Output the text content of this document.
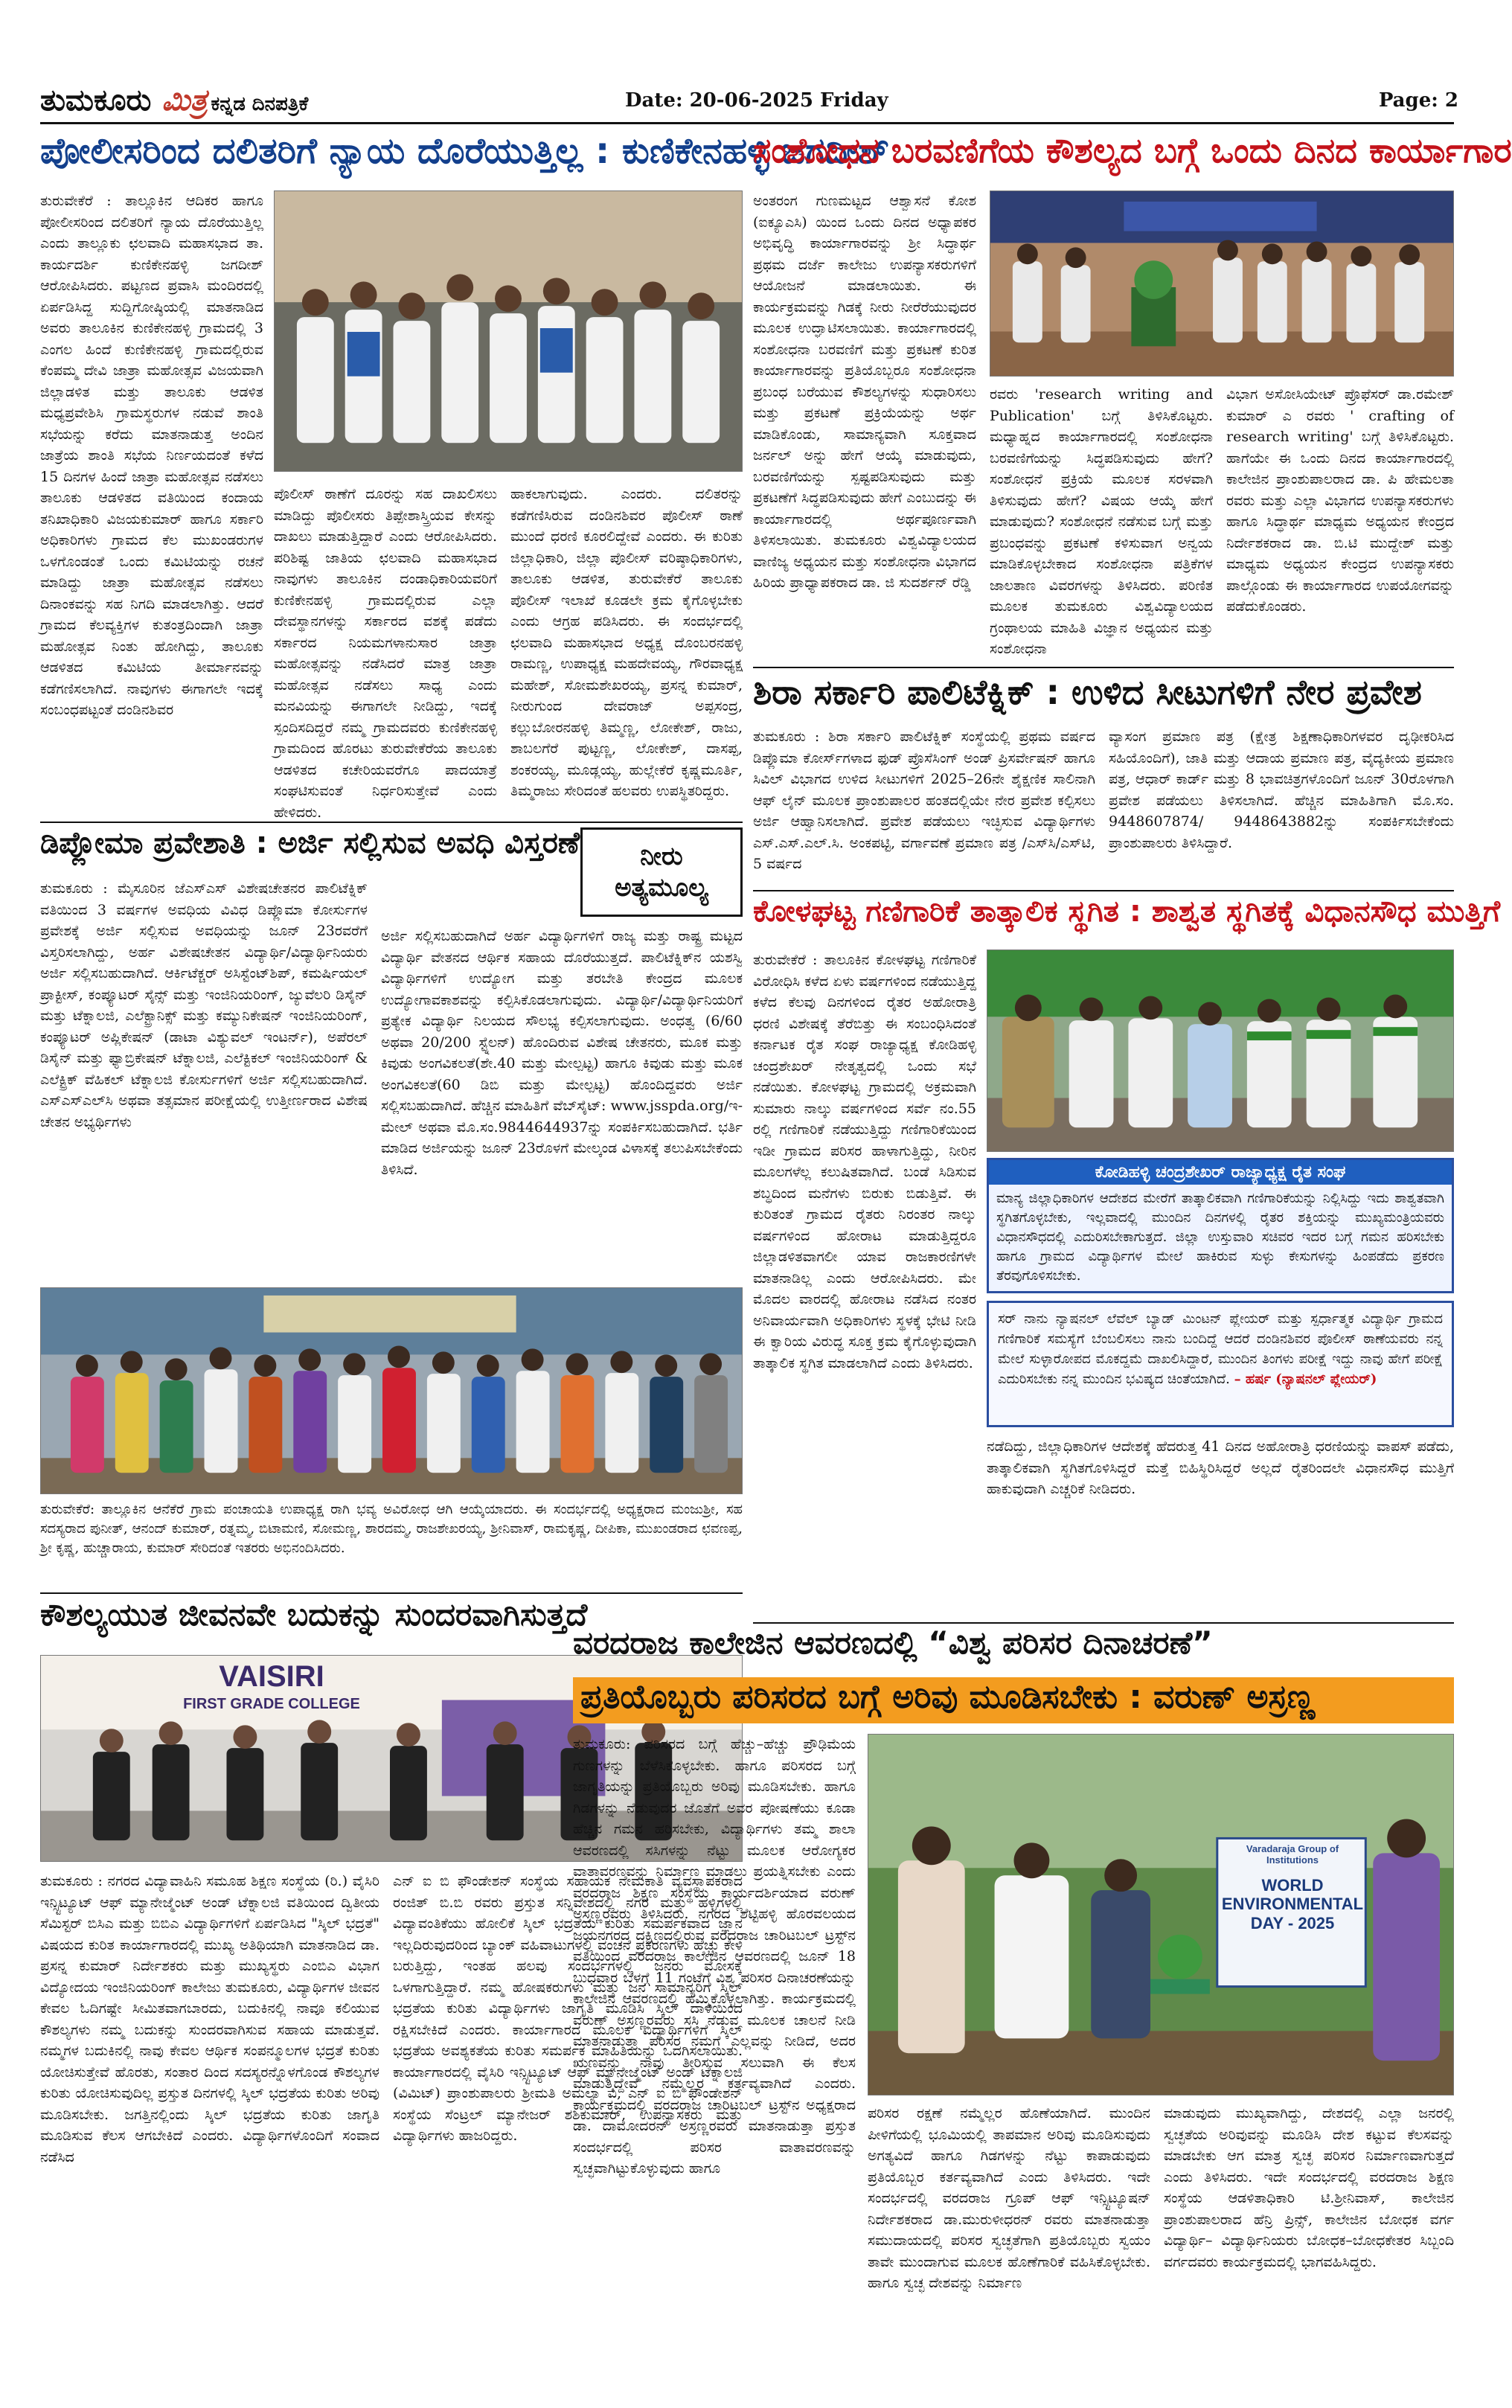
ತುಮಕೂರು ಮಿತ್ರ ಕನ್ನಡ ದಿನಪತ್ರಿಕೆ	Date: 20-06-2025 Friday	Page: 2
ಪೋಲೀಸರಿಂದ ದಲಿತರಿಗೆ ನ್ಯಾಯ ದೊರೆಯುತ್ತಿಲ್ಲ : ಕುಣಿಕೇನಹಳ್ಳಿ ಜಗದೀಶ್
ತುರುವೇಕೆರೆ : ತಾಲ್ಲೂಕಿನ ಆದಿಕರ ಹಾಗೂ ಪೋಲೀಸರಿಂದ ದಲಿತರಿಗೆ ನ್ಯಾಯ ದೊರೆಯುತ್ತಿಲ್ಲ ಎಂದು ತಾಲ್ಲೂಕು ಛಲವಾದಿ ಮಹಾಸಭಾದ ತಾ. ಕಾರ್ಯದರ್ಶಿ ಕುಣಿಕೇನಹಳ್ಳಿ ಜಗದೀಶ್ ಆರೋಪಿಸಿದರು. ಪಟ್ಟಣದ ಪ್ರವಾಸಿ ಮಂದಿರದಲ್ಲಿ ಏರ್ಪಡಿಸಿದ್ದ ಸುದ್ದಿಗೋಷ್ಠಿಯಲ್ಲಿ ಮಾತನಾಡಿದ ಅವರು ತಾಲೂಕಿನ ಕುಣಿಕೇನಹಳ್ಳಿ ಗ್ರಾಮದಲ್ಲಿ 3 ಎಂಗಲ ಹಿಂದೆ ಕುಣಿಕೇನಹಳ್ಳಿ ಗ್ರಾಮದಲ್ಲಿರುವ ಕೆಂಪಮ್ಮ ದೇವಿ ಜಾತ್ರಾ ಮಹೋತ್ಸವ ವಿಜಯವಾಗಿ ಜಿಲ್ಲಾಡಳಿತ ಮತ್ತು ತಾಲೂಕು ಆಡಳಿತ ಮಧ್ಯಪ್ರವೇಶಿಸಿ ಗ್ರಾಮಸ್ಥರುಗಳ ನಡುವೆ ಶಾಂತಿ ಸಭೆಯನ್ನು ಕರೆದು ಮಾತನಾಡುತ್ತ ಅಂದಿನ ಜಾತ್ರೆಯ ಶಾಂತಿ ಸಭೆಯ ನಿರ್ಣಯದಂತೆ ಕಳೆದ 15 ದಿನಗಳ ಹಿಂದೆ ಜಾತ್ರಾ ಮಹೋತ್ಸವ ನಡೆಸಲು ತಾಲೂಕು ಆಡಳಿತದ ವತಿಯಿಂದ ಕಂದಾಯ ತನಿಖಾಧಿಕಾರಿ ವಿಜಯಕುಮಾರ್ ಹಾಗೂ ಸರ್ಕಾರಿ ಅಧಿಕಾರಿಗಳು ಗ್ರಾಮದ ಕೆಲ ಮುಖಂಡರುಗಳ ಒಳಗೊಂಡಂತೆ ಒಂದು ಕಮಿಟಿಯನ್ನು ರಚನೆ ಮಾಡಿದ್ದು ಜಾತ್ರಾ ಮಹೋತ್ಸವ ನಡೆಸಲು ದಿನಾಂಕವನ್ನು ಸಹ ನಿಗದಿ ಮಾಡಲಾಗಿತ್ತು. ಆದರೆ ಗ್ರಾಮದ ಕೆಲವ್ಯಕ್ತಿಗಳ ಕುತಂತ್ರದಿಂದಾಗಿ ಜಾತ್ರಾ ಮಹೋತ್ಸವ ನಿಂತು ಹೋಗಿದ್ದು, ತಾಲೂಕು ಆಡಳಿತದ ಕಮಿಟಿಯ ತೀರ್ಮಾನವನ್ನು ಕಡೆಗಣಿಸಲಾಗಿದೆ. ನಾವುಗಳು ಈಗಾಗಲೇ ಇದಕ್ಕೆ ಸಂಬಂಧಪಟ್ಟಂತೆ ದಂಡಿನಶಿವರ
ಪೊಲೀಸ್ ಠಾಣೆಗೆ ದೂರನ್ನು ಸಹ ದಾಖಲಿಸಲು ಮಾಡಿದ್ದು ಪೊಲೀಸರು ತಿಪ್ಪೇಶಾಸ್ತ್ರಿಯವ ಕೇಸನ್ನು ದಾಖಲು ಮಾಡುತ್ತಿದ್ದಾರೆ ಎಂದು ಆರೋಪಿಸಿದರು. ಪರಿಶಿಷ್ಟ ಜಾತಿಯ ಛಲವಾದಿ ಮಹಾಸಭಾದ ನಾವುಗಳು ತಾಲೂಕಿನ ದಂಡಾಧಿಕಾರಿಯವರಿಗೆ ಕುಣಿಕೇನಹಳ್ಳಿ ಗ್ರಾಮದಲ್ಲಿರುವ ಎಲ್ಲಾ ದೇವಸ್ಥಾನಗಳನ್ನು ಸರ್ಕಾರದ ವಶಕ್ಕೆ ಪಡೆದು ಸರ್ಕಾರದ ನಿಯಮಗಳಾನುಸಾರ ಜಾತ್ರಾ ಮಹೋತ್ಸವನ್ನು ನಡೆಸಿದರೆ ಮಾತ್ರ ಜಾತ್ರಾ ಮಹೋತ್ಸವ ನಡೆಸಲು ಸಾಧ್ಯ ಎಂದು ಮನವಿಯನ್ನು ಈಗಾಗಲೇ ನೀಡಿದ್ದು, ಇದಕ್ಕೆ ಸ್ಪಂದಿಸದಿದ್ದರೆ ನಮ್ಮ ಗ್ರಾಮದವರು ಕುಣಿಕೇನಹಳ್ಳಿ ಗ್ರಾಮದಿಂದ ಹೊರಟು ತುರುವೇಕೆರೆಯ ತಾಲೂಕು ಆಡಳಿತದ ಕಚೇರಿಯವರೆಗೂ ಪಾದಯಾತ್ರೆ ಸಂಘಟಿಸುವಂತೆ ನಿರ್ಧರಿಸುತ್ತೇವೆ ಎಂದು ಹೇಳಿದರು.
ಹಾಕಲಾಗುವುದು. ಎಂದರು. ದಲಿತರನ್ನು ಕಡೆಗಣಿಸಿರುವ ದಂಡಿನಶಿವರ ಪೊಲೀಸ್ ಠಾಣೆ ಮುಂದೆ ಧರಣಿ ಕೂರಲಿದ್ದೇವೆ ಎಂದರು. ಈ ಕುರಿತು ಜಿಲ್ಲಾಧಿಕಾರಿ, ಜಿಲ್ಲಾ ಪೊಲೀಸ್ ವರಿಷ್ಠಾಧಿಕಾರಿಗಳು, ತಾಲೂಕು ಆಡಳಿತ, ತುರುವೇಕೆರೆ ತಾಲೂಕು ಪೊಲೀಸ್ ಇಲಾಖೆ ಕೂಡಲೇ ಕ್ರಮ ಕೈಗೊಳ್ಳಬೇಕು ಎಂದು ಆಗ್ರಹ ಪಡಿಸಿದರು. ಈ ಸಂದರ್ಭದಲ್ಲಿ ಛಲವಾದಿ ಮಹಾಸಭಾದ ಅಧ್ಯಕ್ಷ ದೊಂಬರನಹಳ್ಳಿ ರಾಮಣ್ಣ, ಉಪಾಧ್ಯಕ್ಷ ಮಹದೇವಯ್ಯ, ಗೌರವಾಧ್ಯಕ್ಷ ಮಹೇಶ್, ಸೋಮಶೇಖರಯ್ಯ, ಪ್ರಸನ್ನ ಕುಮಾರ್, ನೀರುಗುಂದ ದೇವರಾಜ್ ಅಪ್ಪಸಂದ್ರ, ಕಲ್ಲುಬೋರನಹಳ್ಳಿ ತಿಮ್ಮಣ್ಣ, ಲೋಕೇಶ್, ರಾಜು, ಶಾಬಲಗೆರೆ ಪುಟ್ಟಣ್ಣ, ಲೋಕೇಶ್, ದಾಸಪ್ಪ, ಶಂಕರಯ್ಯ, ಮೂಡ್ಲಯ್ಯ, ಹುಲ್ಲೇಕೆರೆ ಕೃಷ್ಣಮೂರ್ತಿ, ತಿಮ್ಮರಾಜು ಸೇರಿದಂತೆ ಹಲವರು ಉಪಸ್ಥಿತರಿದ್ದರು.
ಸಂಶೋಧನ ಬರವಣಿಗೆಯ ಕೌಶಲ್ಯದ ಬಗ್ಗೆ ಒಂದು ದಿನದ ಕಾರ್ಯಾಗಾರ
ಅಂತರಂಗ ಗುಣಮಟ್ಟದ ಆಶ್ವಾಸನೆ ಕೋಶ (ಐಕ್ಯೂಎಸಿ) ಯಿಂದ ಒಂದು ದಿನದ ಅಧ್ಯಾಪಕರ ಅಭಿವೃದ್ಧಿ ಕಾರ್ಯಾಗಾರವನ್ನು ಶ್ರೀ ಸಿದ್ಧಾರ್ಥ ಪ್ರಥಮ ದರ್ಜೆ ಕಾಲೇಜು ಉಪನ್ಯಾಸಕರುಗಳಿಗೆ ಆಯೋಜನೆ ಮಾಡಲಾಯಿತು. ಈ ಕಾರ್ಯಕ್ರಮವನ್ನು ಗಿಡಕ್ಕೆ ನೀರು ನೀರೆರೆಯುವುದರ ಮೂಲಕ ಉದ್ಘಾಟಿಸಲಾಯಿತು. ಕಾರ್ಯಾಗಾರದಲ್ಲಿ ಸಂಶೋಧನಾ ಬರವಣಿಗೆ ಮತ್ತು ಪ್ರಕಟಣೆ ಕುರಿತ ಕಾರ್ಯಾಗಾರವನ್ನು ಪ್ರತಿಯೊಬ್ಬರೂ ಸಂಶೋಧನಾ ಪ್ರಬಂಧ ಬರೆಯುವ ಕೌಶಲ್ಯಗಳನ್ನು ಸುಧಾರಿಸಲು ಮತ್ತು ಪ್ರಕಟಣೆ ಪ್ರಕ್ರಿಯೆಯನ್ನು ಅರ್ಥ ಮಾಡಿಕೊಂಡು, ಸಾಮಾನ್ಯವಾಗಿ ಸೂಕ್ತವಾದ ಜರ್ನಲ್ ಅನ್ನು ಹೇಗೆ ಆಯ್ಕೆ ಮಾಡುವುದು, ಬರವಣಿಗೆಯನ್ನು ಸ್ಪಷ್ಟಪಡಿಸುವುದು ಮತ್ತು ಪ್ರಕಟಣೆಗೆ ಸಿದ್ಧಪಡಿಸುವುದು ಹೇಗೆ ಎಂಬುದನ್ನು ಈ ಕಾರ್ಯಾಗಾರದಲ್ಲಿ ಅರ್ಥಪೂರ್ಣವಾಗಿ ತಿಳಿಸಲಾಯಿತು. ತುಮಕೂರು ವಿಶ್ವವಿದ್ಯಾಲಯದ ವಾಣಿಜ್ಯ ಅಧ್ಯಯನ ಮತ್ತು ಸಂಶೋಧನಾ ವಿಭಾಗದ ಹಿರಿಯ ಪ್ರಾಧ್ಯಾಪಕರಾದ ಡಾ. ಜಿ ಸುದರ್ಶನ್ ರೆಡ್ಡಿ
ರವರು 'research writing and Publication' ಬಗ್ಗೆ ತಿಳಿಸಿಕೊಟ್ಟರು. ಮಧ್ಯಾಹ್ನದ ಕಾರ್ಯಾಗಾರದಲ್ಲಿ ಸಂಶೋಧನಾ ಬರವಣಿಗೆಯನ್ನು ಸಿದ್ಧಪಡಿಸುವುದು ಹೇಗೆ? ಸಂಶೋಧನೆ ಪ್ರಕ್ರಿಯೆ ಮೂಲಕ ಸರಳವಾಗಿ ತಿಳಿಸುವುದು ಹೇಗೆ? ವಿಷಯ ಆಯ್ಕೆ ಹೇಗೆ ಮಾಡುವುದು? ಸಂಶೋಧನೆ ನಡೆಸುವ ಬಗ್ಗೆ ಮತ್ತು ಪ್ರಬಂಧವನ್ನು ಪ್ರಕಟಣೆ ಕಳಿಸುವಾಗ ಅನ್ವಯ ಮಾಡಿಕೊಳ್ಳಬೇಕಾದ ಸಂಶೋಧನಾ ಪತ್ರಿಕೆಗಳ ಜಾಲತಾಣ ವಿವರಗಳನ್ನು ತಿಳಿಸಿದರು. ಪರಿಣಿತ ಮೂಲಕ ತುಮಕೂರು ವಿಶ್ವವಿದ್ಯಾಲಯದ ಗ್ರಂಥಾಲಯ ಮಾಹಿತಿ ವಿಜ್ಞಾನ ಅಧ್ಯಯನ ಮತ್ತು ಸಂಶೋಧನಾ
ವಿಭಾಗ ಅಸೋಸಿಯೇಟ್ ಪ್ರೊಫೆಸರ್ ಡಾ.ರಮೇಶ್ ಕುಮಾರ್ ಎ ರವರು ' crafting of research writing' ಬಗ್ಗೆ ತಿಳಿಸಿಕೊಟ್ಟರು. ಹಾಗೆಯೇ ಈ ಒಂದು ದಿನದ ಕಾರ್ಯಾಗಾರದಲ್ಲಿ ಕಾಲೇಜಿನ ಪ್ರಾಂಶುಪಾಲರಾದ ಡಾ. ಪಿ ಹೇಮಲತಾ ರವರು ಮತ್ತು ಎಲ್ಲಾ ವಿಭಾಗದ ಉಪನ್ಯಾಸಕರುಗಳು ಹಾಗೂ ಸಿದ್ಧಾರ್ಥ ಮಾಧ್ಯಮ ಅಧ್ಯಯನ ಕೇಂದ್ರದ ನಿರ್ದೇಶಕರಾದ ಡಾ. ಬಿ.ಟಿ ಮುದ್ದೇಶ್ ಮತ್ತು ಮಾಧ್ಯಮ ಅಧ್ಯಯನ ಕೇಂದ್ರದ ಉಪನ್ಯಾಸಕರು ಪಾಲ್ಗೊಂಡು ಈ ಕಾರ್ಯಾಗಾರದ ಉಪಯೋಗವನ್ನು ಪಡೆದುಕೊಂಡರು.
ಶಿರಾ ಸರ್ಕಾರಿ ಪಾಲಿಟೆಕ್ನಿಕ್ : ಉಳಿದ ಸೀಟುಗಳಿಗೆ ನೇರ ಪ್ರವೇಶ
ತುಮಕೂರು : ಶಿರಾ ಸರ್ಕಾರಿ ಪಾಲಿಟೆಕ್ನಿಕ್ ಸಂಸ್ಥೆಯಲ್ಲಿ ಪ್ರಥಮ ವರ್ಷದ ಡಿಪ್ಲೊಮಾ ಕೋರ್ಸ್‌ಗಳಾದ ಫುಡ್ ಪ್ರೊಸೆಸಿಂಗ್ ಅಂಡ್ ಪ್ರಿಸರ್ವೇಷನ್ ಹಾಗೂ ಸಿವಿಲ್ ವಿಭಾಗದ ಉಳಿದ ಸೀಟುಗಳಿಗೆ 2025–26ನೇ ಶೈಕ್ಷಣಿಕ ಸಾಲಿನಾಗಿ ಆಫ್ ಲೈನ್ ಮೂಲಕ ಪ್ರಾಂಶುಪಾಲರ ಹಂತದಲ್ಲಿಯೇ ನೇರ ಪ್ರವೇಶ ಕಲ್ಪಿಸಲು ಅರ್ಜಿ ಆಹ್ವಾನಿಸಲಾಗಿದೆ. ಪ್ರವೇಶ ಪಡೆಯಲು ಇಚ್ಛಿಸುವ ವಿದ್ಯಾರ್ಥಿಗಳು ಎಸ್.ಎಸ್.ಎಲ್.ಸಿ. ಅಂಕಪಟ್ಟಿ, ವರ್ಗಾವಣೆ ಪ್ರಮಾಣ ಪತ್ರ /ಎಸ್‌ಸಿ/ಎಸ್‌ಟಿ, 5 ವರ್ಷದ
ವ್ಯಾಸಂಗ ಪ್ರಮಾಣ ಪತ್ರ (ಕ್ಷೇತ್ರ ಶಿಕ್ಷಣಾಧಿಕಾರಿಗಳವರ ದೃಢೀಕರಿಸಿದ ಸಹಿಯೊಂದಿಗೆ), ಜಾತಿ ಮತ್ತು ಆದಾಯ ಪ್ರಮಾಣ ಪತ್ರ, ವೈದ್ಯಕೀಯ ಪ್ರಮಾಣ ಪತ್ರ, ಆಧಾರ್ ಕಾರ್ಡ್ ಮತ್ತು 8 ಭಾವಚಿತ್ರಗಳೊಂದಿಗೆ ಜೂನ್ 30ರೊಳಗಾಗಿ ಪ್ರವೇಶ ಪಡೆಯಲು ತಿಳಿಸಲಾಗಿದೆ. ಹೆಚ್ಚಿನ ಮಾಹಿತಿಗಾಗಿ ಮೊ.ಸಂ. 9448607874/ 9448643882ನ್ನು ಸಂಪರ್ಕಿಸಬೇಕೆಂದು ಪ್ರಾಂಶುಪಾಲರು ತಿಳಿಸಿದ್ದಾರೆ.
ಡಿಪ್ಲೋಮಾ ಪ್ರವೇಶಾತಿ : ಅರ್ಜಿ ಸಲ್ಲಿಸುವ ಅವಧಿ ವಿಸ್ತರಣೆ ನೀರು
ಅತ್ಯಮೂಲ್ಯ
ತುಮಕೂರು : ಮೈಸೂರಿನ ಜೆಎಸ್‌ಎಸ್ ವಿಶೇಷಚೇತನರ ಪಾಲಿಟೆಕ್ನಿಕ್ ವತಿಯಿಂದ 3 ವರ್ಷಗಳ ಅವಧಿಯ ವಿವಿಧ ಡಿಪ್ಲೊಮಾ ಕೋರ್ಸುಗಳ ಪ್ರವೇಶಕ್ಕೆ ಅರ್ಜಿ ಸಲ್ಲಿಸುವ ಅವಧಿಯನ್ನು ಜೂನ್ 23ರವರೆಗೆ ವಿಸ್ತರಿಸಲಾಗಿದ್ದು, ಅರ್ಹ ವಿಶೇಷಚೇತನ ವಿದ್ಯಾರ್ಥಿ/ವಿದ್ಯಾರ್ಥಿನಿಯರು ಅರ್ಜಿ ಸಲ್ಲಿಸಬಹುದಾಗಿದೆ. ಆರ್ಕಿಟೆಕ್ಚರ್ ಅಸಿಸ್ಟೆಂಟ್‌ಶಿಪ್, ಕಮರ್ಷಿಯಲ್ ಪ್ರಾಕ್ಟೀಸ್, ಕಂಪ್ಯೂಟರ್ ಸೈನ್ಸ್ ಮತ್ತು ಇಂಜಿನಿಯರಿಂಗ್, ಜ್ಯುವೆಲರಿ ಡಿಸೈನ್ ಮತ್ತು ಟೆಕ್ನಾಲಜಿ, ಎಲೆಕ್ಟ್ರಾನಿಕ್ಸ್ ಮತ್ತು ಕಮ್ಯುನಿಕೇಷನ್ ಇಂಜಿನಿಯರಿಂಗ್, ಕಂಪ್ಯೂಟರ್ ಅಪ್ಲಿಕೇಷನ್ (ಡಾಟಾ ವಿಶ್ಯುವಲ್ ಇಂಟರ್ನ್), ಅಪೆರಲ್ ಡಿಸೈನ್ ಮತ್ತು ಫ್ಯಾಬ್ರಿಕೇಷನ್ ಟೆಕ್ನಾಲಜಿ, ಎಲೆಕ್ಟಿಕಲ್ ಇಂಜಿನಿಯರಿಂಗ್ & ಎಲೆಕ್ಟ್ರಿಕ್ ವೆಹಿಕಲ್ ಟೆಕ್ನಾಲಜಿ ಕೋರ್ಸುಗಳಿಗೆ ಅರ್ಜಿ ಸಲ್ಲಿಸಬಹುದಾಗಿದೆ. ಎಸ್‌ಎಸ್‌ಎಲ್‌ಸಿ ಅಥವಾ ತತ್ಸಮಾನ ಪರೀಕ್ಷೆಯಲ್ಲಿ ಉತ್ತೀರ್ಣರಾದ ವಿಶೇಷ ಚೇತನ ಅಭ್ಯರ್ಥಿಗಳು
ಅರ್ಜಿ ಸಲ್ಲಿಸಬಹುದಾಗಿದೆ ಅರ್ಹ ವಿದ್ಯಾರ್ಥಿಗಳಿಗೆ ರಾಜ್ಯ ಮತ್ತು ರಾಷ್ಟ್ರ ಮಟ್ಟದ ವಿದ್ಯಾರ್ಥಿ ವೇತನದ ಆರ್ಥಿಕ ಸಹಾಯ ದೊರೆಯುತ್ತದೆ. ಪಾಲಿಟೆಕ್ನಿಕ್‌ನ ಯಶಸ್ವಿ ವಿದ್ಯಾರ್ಥಿಗಳಿಗೆ ಉದ್ಯೋಗ ಮತ್ತು ತರಬೇತಿ ಕೇಂದ್ರದ ಮೂಲಕ ಉದ್ಯೋಗಾವಕಾಶವನ್ನು ಕಲ್ಪಿಸಿಕೊಡಲಾಗುವುದು. ವಿದ್ಯಾರ್ಥಿ/ವಿದ್ಯಾರ್ಥಿನಿಯರಿಗೆ ಪ್ರತ್ಯೇಕ ವಿದ್ಯಾರ್ಥಿ ನಿಲಯದ ಸೌಲಭ್ಯ ಕಲ್ಪಿಸಲಾಗುವುದು. ಅಂಧತ್ವ (6/60 ಅಥವಾ 20/200 ಸ್ಟ್ನೆಲನ್) ಹೊಂದಿರುವ ವಿಶೇಷ ಚೇತನರು, ಮೂಕ ಮತ್ತು ಕಿವುಡು ಅಂಗವಿಕಲತೆ(ಶೇ.40 ಮತ್ತು ಮೇಲ್ಪಟ್ಟ) ಹಾಗೂ ಕಿವುಡು ಮತ್ತು ಮೂಕ ಅಂಗವಿಕಲತೆ(60 ಡಿಬಿ ಮತ್ತು ಮೇಲ್ಪಟ್ಟ) ಹೊಂದಿದ್ದವರು ಅರ್ಜಿ ಸಲ್ಲಿಸಬಹುದಾಗಿದೆ. ಹೆಚ್ಚಿನ ಮಾಹಿತಿಗೆ ವೆಬ್‌ಸೈಟ್: www.jsspda.org/ಇ-ಮೇಲ್ ಅಥವಾ ಮೊ.ಸಂ.9844644937ನ್ನು ಸಂಪರ್ಕಿಸಬಹುದಾಗಿದೆ. ಭರ್ತಿ ಮಾಡಿದ ಅರ್ಜಿಯನ್ನು ಜೂನ್ 23ರೊಳಗೆ ಮೇಲ್ಕಂಡ ವಿಳಾಸಕ್ಕೆ ತಲುಪಿಸಬೇಕೆಂದು ತಿಳಿಸಿದೆ.
ತುರುವೇಕೆರೆ: ತಾಲ್ಲೂಕಿನ ಆನೆಕೆರೆ ಗ್ರಾಮ ಪಂಚಾಯತಿ ಉಪಾಧ್ಯಕ್ಷ ರಾಗಿ ಭವ್ಯ ಅವಿರೋಧ ಆಗಿ ಆಯ್ಕೆಯಾದರು. ಈ ಸಂದರ್ಭದಲ್ಲಿ ಅಧ್ಯಕ್ಷರಾದ ಮಂಜುಶ್ರೀ, ಸಹ ಸದಸ್ಯರಾದ ಪುನೀತ್, ಆನಂದ್ ಕುಮಾರ್, ರತ್ನಮ್ಮ, ಬಿಟಾಮಣಿ, ಸೋಮಣ್ಣ, ಶಾರದಮ್ಮ, ರಾಜಶೇಖರಯ್ಯ, ಶ್ರೀನಿವಾಸ್, ರಾಮಕೃಷ್ಣ, ದೀಪಿಕಾ, ಮುಖಂಡರಾದ ಛವಣಪ್ಪ, ಶ್ರೀ ಕೃಷ್ಣ, ಹುಚ್ಚಾರಾಯ, ಕುಮಾರ್ ಸೇರಿದಂತೆ ಇತರರು ಅಭಿನಂದಿಸಿದರು.
ಕೌಶಲ್ಯಯುತ ಜೀವನವೇ ಬದುಕನ್ನು ಸುಂದರವಾಗಿಸುತ್ತದೆ
VAISIRI
FIRST GRADE COLLEGE
ತುಮಕೂರು : ನಗರದ ವಿದ್ಯಾವಾಹಿನಿ ಸಮೂಹ ಶಿಕ್ಷಣ ಸಂಸ್ಥೆಯ (ರಿ.) ವೈಸಿರಿ ಇನ್ಸ್ಟಿಟ್ಯೂಟ್ ಆಫ್ ಮ್ಯಾನೇಜ್ಮೆಂಟ್ ಅಂಡ್ ಟೆಕ್ನಾಲಜಿ ವತಿಯಿಂದ ದ್ವಿತೀಯ ಸೆಮಿಸ್ಟರ್ ಬಿಸಿಎ ಮತ್ತು ಬಿಬಿಎ ವಿದ್ಯಾರ್ಥಿಗಳಿಗೆ ಏರ್ಪಡಿಸಿದ "ಸ್ಕಿಲ್ ಭದ್ರತೆ" ವಿಷಯದ ಕುರಿತ ಕಾರ್ಯಾಗಾರದಲ್ಲಿ ಮುಖ್ಯ ಅತಿಥಿಯಾಗಿ ಮಾತನಾಡಿದ ಡಾ. ಪ್ರಸನ್ನ ಕುಮಾರ್ ನಿರ್ದೇಶಕರು ಮತ್ತು ಮುಖ್ಯಸ್ಥರು ಎಂಬಿಎ ವಿಭಾಗ ವಿದ್ಯೋದಯ ಇಂಜಿನಿಯರಿಂಗ್ ಕಾಲೇಜು ತುಮಕೂರು, ವಿದ್ಯಾರ್ಥಿಗಳ ಜೀವನ ಕೇವಲ ಓದಿಗಷ್ಟೇ ಸೀಮಿತವಾಗಬಾರದು, ಬದುಕಿನಲ್ಲಿ ನಾವೂ ಕಲಿಯುವ ಕೌಶಲ್ಯಗಳು ನಮ್ಮ ಬದುಕನ್ನು ಸುಂದರವಾಗಿಸುವ ಸಹಾಯ ಮಾಡುತ್ತವೆ. ನಮ್ಮಗಳ ಬದುಕಿನಲ್ಲಿ ನಾವು ಕೇವಲ ಆರ್ಥಿಕ ಸಂಪನ್ಮೂಲಗಳ ಭದ್ರತೆ ಕುರಿತು ಯೋಚಿಸುತ್ತೇವೆ ಹೊರತು, ಸಂತಾರ ದಿಂದ ಸದಸ್ಯರನ್ನೊಳಗೊಂಡ ಕೌಶಲ್ಯಗಳ ಕುರಿತು ಯೋಚಿಸುವುದಿಲ್ಲ ಪ್ರಸ್ತುತ ದಿನಗಳಲ್ಲಿ ಸ್ಕಿಲ್ ಭದ್ರತೆಯ ಕುರಿತು ಅರಿವು ಮೂಡಿಸಬೇಕು. ಜಗತ್ತಿನಲ್ಲಿಂದು ಸ್ಕಿಲ್ ಭದ್ರತೆಯ ಕುರಿತು ಜಾಗೃತಿ ಮೂಡಿಸುವ ಕೆಲಸ ಆಗಬೇಕಿದೆ ಎಂದರು. ವಿದ್ಯಾರ್ಥಿಗಳೊಂದಿಗೆ ಸಂವಾದ ನಡೆಸಿದ
ಎನ್ ಐ ಬಿ ಫೌಂಡೇಶನ್ ಸಂಸ್ಥೆಯ ಸಹಾಯಕ ನೇಮಕಾತಿ ವ್ಯವಸ್ಥಾಪಕರಾದ ರಂಜಿತ್ ಬಿ.ಬಿ ರವರು ಪ್ರಸ್ತುತ ಸನ್ನಿವೇಶದಲ್ಲಿ ನಗರ ಮತ್ತು ಹಳ್ಳಿಗಳಲ್ಲಿ ವಿದ್ಯಾವಂತಿಕೆಯು ಹೋಲಿಕೆ ಸ್ಕಿಲ್ ಭದ್ರತೆಯ ಕುರಿತು ಸಮರ್ಪಕವಾದ ಜ್ಞಾನ ಇಲ್ಲದಿರುವುದರಿಂದ ಬ್ಯಾಂಕ್ ವಹಿವಾಟುಗಳಲ್ಲಿ ವಂಚನೆ ಪ್ರಕರಣಗಳು ಹೆಚ್ಚು ಕೇಳಿ ಬರುತ್ತಿದ್ದು, ಇಂತಹ ಹಲವು ಸಂದರ್ಭಗಳಲ್ಲಿ ಜನರು ಮೋಸಕ್ಕೆ ಒಳಗಾಗುತ್ತಿದ್ದಾರೆ. ನಮ್ಮ ಹೋಷಕರುಗಳು ಮತ್ತು ಜನ ಸಾಮಾನ್ಯರಿಗೆ ಸ್ಕಿಲ್ ಭದ್ರತೆಯ ಕುರಿತು ವಿದ್ಯಾರ್ಥಿಗಳು ಜಾಗೃತಿ ಮೂಡಿಸಿ ಸ್ಕಿಲ್ ದಾಳಿಯಿಂದ ರಕ್ಷಿಸಬೇಕಿದೆ ಎಂದರು. ಕಾರ್ಯಾಗಾರದ ಮೂಲಕ ವಿದ್ಯಾರ್ಥಿಗಳಿಗೆ ಸ್ಕಿಲ್ ಭದ್ರತೆಯ ಅವಶ್ಯಕತೆಯ ಕುರಿತು ಸಮರ್ಪಕ ಮಾಹಿತಿಯನ್ನು ಒದಗಿಸಲಾಯಿತು. ಕಾರ್ಯಾಗಾರದಲ್ಲಿ ವೈಸಿರಿ ಇನ್ಸ್ಟಿಟ್ಯೂಟ್ ಆಫ್ ಮ್ಯಾನೇಜ್ಮೆಂಟ್ ಅಂಡ್ ಟೆಕ್ನಾಲಜಿ (ವಿಮಿಟ್) ಪ್ರಾಂಶುಪಾಲರು ಶ್ರೀಮತಿ ಅಮಲ್ಯಾ ವಿ, ಎನ್ ಐ ಬಿ ಫೌಂಡೇಶನ್ ಸಂಸ್ಥೆಯ ಸೆಂಟ್ರಲ್ ಮ್ಯಾನೇಜರ್ ಶಶಿಕುಮಾರ್, ಉಪನ್ಯಾಸಕರು ಮತ್ತು ವಿದ್ಯಾರ್ಥಿಗಳು ಹಾಜರಿದ್ದರು.
ಕೋಳಘಟ್ಟ ಗಣಿಗಾರಿಕೆ ತಾತ್ಕಾಲಿಕ ಸ್ಥಗಿತ : ಶಾಶ್ವತ ಸ್ಥಗಿತಕ್ಕೆ ವಿಧಾನಸೌಧ ಮುತ್ತಿಗೆ
ತುರುವೇಕೆರೆ : ತಾಲೂಕಿನ ಕೋಳಘಟ್ಟ ಗಣಿಗಾರಿಕೆ ವಿರೋಧಿಸಿ ಕಳೆದ ಏಳು ವರ್ಷಗಳಿಂದ ನಡೆಯುತ್ತಿದ್ದ ಕಳೆದ ಕೆಲವು ದಿನಗಳಿಂದ ರೈತರ ಅಹೋರಾತ್ರಿ ಧರಣಿ ವಿಶೇಷಕ್ಕೆ ತೆರೆಬಿತ್ತು ಈ ಸಂಬಂಧಿಸಿದಂತೆ ಕರ್ನಾಟಕ ರೈತ ಸಂಘ ರಾಜ್ಯಾಧ್ಯಕ್ಷ ಕೋಡಿಹಳ್ಳಿ ಚಂದ್ರಶೇಖರ್ ನೇತೃತ್ವದಲ್ಲಿ ಒಂದು ಸಭೆ ನಡೆಯಿತು. ಕೋಳಘಟ್ಟ ಗ್ರಾಮದಲ್ಲಿ ಅಕ್ರಮವಾಗಿ ಸುಮಾರು ನಾಲ್ಕು ವರ್ಷಗಳಿಂದ ಸರ್ವೆ ನಂ.55 ರಲ್ಲಿ ಗಣಿಗಾರಿಕೆ ನಡೆಯುತ್ತಿದ್ದು ಗಣಿಗಾರಿಕೆಯಿಂದ ಇಡೀ ಗ್ರಾಮದ ಪರಿಸರ ಹಾಳಾಗುತ್ತಿದ್ದು, ನೀರಿನ ಮೂಲಗಳೆಲ್ಲ ಕಲುಷಿತವಾಗಿದೆ. ಬಂಡೆ ಸಿಡಿಸುವ ಶಬ್ಧದಿಂದ ಮನೆಗಳು ಬಿರುಕು ಬಿಡುತ್ತಿವೆ. ಈ ಕುರಿತಂತೆ ಗ್ರಾಮದ ರೈತರು ನಿರಂತರ ನಾಲ್ಕು ವರ್ಷಗಳಿಂದ ಹೋರಾಟ ಮಾಡುತ್ತಿದ್ದರೂ ಜಿಲ್ಲಾಡಳಿತವಾಗಲೀ ಯಾವ ರಾಜಕಾರಣಿಗಳೇ ಮಾತನಾಡಿಲ್ಲ ಎಂದು ಆರೋಪಿಸಿದರು. ಮೇ ಮೊದಲ ವಾರದಲ್ಲಿ ಹೋರಾಟ ನಡೆಸಿದ ನಂತರ ಅನಿವಾರ್ಯವಾಗಿ ಅಧಿಕಾರಿಗಳು ಸ್ಥಳಕ್ಕೆ ಭೇಟಿ ನೀಡಿ ಈ ಕ್ವಾರಿಯ ವಿರುದ್ಧ ಸೂಕ್ತ ಕ್ರಮ ಕೈಗೊಳ್ಳುವುದಾಗಿ ತಾತ್ಕಾಲಿಕ ಸ್ಥಗಿತ ಮಾಡಲಾಗಿದೆ ಎಂದು ತಿಳಿಸಿದರು.
ಕೋಡಿಹಳ್ಳಿ ಚಂದ್ರಶೇಖರ್ ರಾಜ್ಯಾಧ್ಯಕ್ಷ ರೈತ ಸಂಘ
ಮಾನ್ಯ ಜಿಲ್ಲಾಧಿಕಾರಿಗಳ ಆದೇಶದ ಮೇರೆಗೆ ತಾತ್ಕಾಲಿಕವಾಗಿ ಗಣಿಗಾರಿಕೆಯನ್ನು ನಿಲ್ಲಿಸಿದ್ದು ಇದು ಶಾಶ್ವತವಾಗಿ ಸ್ಥಗಿತಗೊಳ್ಳಬೇಕು, ಇಲ್ಲವಾದಲ್ಲಿ ಮುಂದಿನ ದಿನಗಳಲ್ಲಿ ರೈತರ ಶಕ್ತಿಯನ್ನು ಮುಖ್ಯಮಂತ್ರಿಯವರು ವಿಧಾನಸೌಧದಲ್ಲಿ ಎದುರಿಸಬೇಕಾಗುತ್ತದೆ. ಜಿಲ್ಲಾ ಉಸ್ತುವಾರಿ ಸಚಿವರ ಇದರ ಬಗ್ಗೆ ಗಮನ ಹರಿಸಬೇಕು ಹಾಗೂ ಗ್ರಾಮದ ವಿದ್ಯಾರ್ಥಿಗಳ ಮೇಲೆ ಹಾಕಿರುವ ಸುಳ್ಳು ಕೇಸುಗಳನ್ನು ಹಿಂಪಡೆದು ಪ್ರಕರಣ ತೆರವುಗೊಳಿಸಬೇಕು.
ಸರ್ ನಾನು ನ್ಯಾಷನಲ್ ಲೆವೆಲ್ ಬ್ಯಾಡ್ ಮಿಂಟನ್ ಪ್ಲೇಯರ್ ಮತ್ತು ಸ್ಪರ್ಧಾತ್ಮಕ ವಿದ್ಯಾರ್ಥಿ ಗ್ರಾಮದ ಗಣಿಗಾರಿಕೆ ಸಮಸ್ಯೆಗೆ ಬೆಂಬಲಿಸಲು ನಾನು ಬಂದಿದ್ದೆ ಆದರೆ ದಂಡಿನಶಿವರ ಪೊಲೀಸ್ ಠಾಣೆಯವರು ನನ್ನ ಮೇಲೆ ಸುಳ್ಳಾರೋಪದ ಮೊಕದ್ದಮೆ ದಾಖಲಿಸಿದ್ದಾರೆ, ಮುಂದಿನ ತಿಂಗಳು ಪರೀಕ್ಷೆ ಇದ್ದು ನಾವು ಹೇಗೆ ಪರೀಕ್ಷೆ ಎದುರಿಸಬೇಕು ನನ್ನ ಮುಂದಿನ ಭವಿಷ್ಯದ ಚಿಂತೆಯಾಗಿದೆ. – ಹರ್ಷ (ನ್ಯಾಷನಲ್ ಪ್ಲೇಯರ್)
ನಡೆದಿದ್ದು, ಜಿಲ್ಲಾಧಿಕಾರಿಗಳ ಆದೇಶಕ್ಕೆ ಹೆದರುತ್ತ 41 ದಿನದ ಅಹೋರಾತ್ರಿ ಧರಣಿಯನ್ನು ವಾಪಸ್ ಪಡೆದು, ತಾತ್ಕಾಲಿಕವಾಗಿ ಸ್ಥಗಿತಗೊಳಿಸಿದ್ದರೆ ಮತ್ತೆ ಬಿಹಿಸ್ಥಿರಿಸಿದ್ದರೆ ಅಲ್ಲದೆ ರೈತರಿಂದಲೇ ವಿಧಾನಸೌಧ ಮುತ್ತಿಗೆ ಹಾಕುವುದಾಗಿ ಎಚ್ಚರಿಕೆ ನೀಡಿದರು.
ವರದರಾಜ ಕಾಲೇಜಿನ ಆವರಣದಲ್ಲಿ “ವಿಶ್ವ ಪರಿಸರ ದಿನಾಚರಣೆ”
ಪ್ರತಿಯೊಬ್ಬರು ಪರಿಸರದ ಬಗ್ಗೆ ಅರಿವು ಮೂಡಿಸಬೇಕು : ವರುಣ್ ಅಸ್ರಣ್ಣ
ತುಮಕೂರು: ಪರಿಸರದ ಬಗ್ಗೆ ಹೆಚ್ಚು–ಹೆಚ್ಚು ಪ್ರೌಢಿಮೆಯ ಗುಣಗಳನ್ನು ಬೆಳೆಸಿಕೊಳ್ಳಬೇಕು. ಹಾಗೂ ಪರಿಸರದ ಬಗ್ಗೆ ಜಾಗೃತಿಯನ್ನು ಪ್ರತಿಯೊಬ್ಬರು ಅರಿವು ಮೂಡಿಸಬೇಕು. ಹಾಗೂ ಗಿಡಗಳನ್ನು ನೆಡುವುದರ ಜೊತೆಗೆ ಅವರ ಪೋಷಣೆಯು ಕೂಡಾ ಹೆಚ್ಚಿನ ಗಮನ ಹರಿಸಬೇಕು, ವಿದ್ಯಾರ್ಥಿಗಳು ತಮ್ಮ ಶಾಲಾ ಆವರಣದಲ್ಲಿ ಸಸಿಗಳನ್ನು ನೆಟ್ಟು ಮೂಲಕ ಆರೋಗ್ಯಕರ ವಾತಾವರಣವನ್ನು ನಿರ್ಮಾಣ ಮಾಡಲು ಪ್ರಯತ್ನಿಸಬೇಕು ಎಂದು ವರದರಾಜ ಶಿಕ್ಷಣ ಸಂಸ್ಥೆಯ ಕಾರ್ಯದರ್ಶಿಯಾದ ವರುಣ್ ಅಸ್ರಣ್ಣರವರು ತಿಳಿಸಿದರು. ನಗರದ ಶೆಟ್ಟಿಹಳ್ಳಿ ಹೊರವಲಯದ ಜಯನಗರದ ದಕ್ಷಿಣದಲ್ಲಿರುವ ವರದರಾಜ ಚಾರಿಟಬಲ್ ಟ್ರಸ್ಟ್‌ನ ವತಿಯಿಂದ ವರದರಾಜ ಕಾಲೇಜಿನ ಆವರಣದಲ್ಲಿ ಜೂನ್ 18 ಬುಧವಾರ ಬೆಳಗ್ಗೆ 11 ಗಂಟೆಗೆ ವಿಶ್ವ ಪರಿಸರ ದಿನಾಚರಣೆಯನ್ನು ಕಾಲೇಜಿನ ಆವರಣದಲ್ಲಿ ಹಮ್ಮಿಕೊಳ್ಳಲಾಗಿತ್ತು. ಕಾರ್ಯಕ್ರಮದಲ್ಲಿ ವರುಣ್ ಅಸ್ರಣ್ಣರವರು ಸಸಿ ನೆಡುವ ಮೂಲಕ ಚಾಲನೆ ನೀಡಿ ಮಾತನಾಡುತ್ತಾ ಪರಿಸರ ನಮಗೆ ಎಲ್ಲವನ್ನು ನೀಡಿದೆ, ಅದರ ಋಣವನ್ನು ನಾವು ತೀರಿಸುವ ಸಲುವಾಗಿ ಈ ಕೆಲಸ ಮಾಡುತ್ತಿದ್ದೇವೆ ನಮ್ಮೆಲ್ಲರ ಕರ್ತವ್ಯವಾಗಿದೆ ಎಂದರು. ಕಾರ್ಯಕ್ರಮದಲ್ಲಿ ವರದರಾಜ ಚಾರಿಟಬಲ್ ಟ್ರಸ್ಟ್‌ನ ಅಧ್ಯಕ್ಷರಾದ ಡಾ. ದಾಮೋದರನ್ ಅಸ್ರಣ್ಣರವರು ಮಾತನಾಡುತ್ತಾ ಪ್ರಸ್ತುತ ಸಂದರ್ಭದಲ್ಲಿ ಪರಿಸರ ವಾತಾವರಣವನ್ನು ಸ್ವಚ್ಛವಾಗಿಟ್ಟುಕೊಳ್ಳುವುದು ಹಾಗೂ
Varadaraja Group of Institutions
WORLD ENVIRONMENTAL DAY - 2025
ಪರಿಸರ ರಕ್ಷಣೆ ನಮ್ಮೆಲ್ಲರ ಹೊಣೆಯಾಗಿದೆ. ಮುಂದಿನ ಪೀಳಿಗೆಯಲ್ಲಿ ಭೂಮಿಯಲ್ಲಿ ತಾಪಮಾನ ಅರಿವು ಮೂಡಿಸುವುದು ಅಗತ್ಯವಿದೆ ಹಾಗೂ ಗಿಡಗಳನ್ನು ನೆಟ್ಟು ಕಾಪಾಡುವುದು ಪ್ರತಿಯೊಬ್ಬರ ಕರ್ತವ್ಯವಾಗಿದೆ ಎಂದು ತಿಳಿಸಿದರು. ಇದೇ ಸಂದರ್ಭದಲ್ಲಿ ವರದರಾಜ ಗ್ರೂಪ್ ಆಫ್ ಇನ್ಸ್ಟಿಟ್ಯೂಷನ್ ನಿರ್ದೇಶಕರಾದ ಡಾ.ಮುರುಳೀಧರನ್ ರವರು ಮಾತನಾಡುತ್ತಾ ಸಮುದಾಯದಲ್ಲಿ ಪರಿಸರ ಸ್ವಚ್ಛತೆಗಾಗಿ ಪ್ರತಿಯೊಬ್ಬರು ಸ್ವಯಂ ತಾವೇ ಮುಂದಾಗುವ ಮೂಲಕ ಹೊಣೆಗಾರಿಕೆ ವಹಿಸಿಕೊಳ್ಳಬೇಕು. ಹಾಗೂ ಸ್ವಚ್ಛ ದೇಶವನ್ನು ನಿರ್ಮಾಣ
ಮಾಡುವುದು ಮುಖ್ಯವಾಗಿದ್ದು, ದೇಶದಲ್ಲಿ ಎಲ್ಲಾ ಜನರಲ್ಲಿ ಸ್ವಚ್ಛತೆಯ ಅರಿವುವನ್ನು ಮೂಡಿಸಿ ದೇಶ ಕಟ್ಟುವ ಕೆಲಸವನ್ನು ಮಾಡಬೇಕು ಆಗ ಮಾತ್ರ ಸ್ವಚ್ಛ ಪರಿಸರ ನಿರ್ಮಾಣವಾಗುತ್ತದೆ ಎಂದು ತಿಳಿಸಿದರು. ಇದೇ ಸಂದರ್ಭದಲ್ಲಿ ವರದರಾಜ ಶಿಕ್ಷಣ ಸಂಸ್ಥೆಯ ಆಡಳಿತಾಧಿಕಾರಿ ಟಿ.ಶ್ರೀನಿವಾಸ್, ಕಾಲೇಜಿನ ಪ್ರಾಂಶುಪಾಲರಾದ ಹೆನ್ರಿ ಪ್ರಿನ್ಸ್, ಕಾಲೇಜಿನ ಬೋಧಕ ವರ್ಗ ವಿದ್ಯಾರ್ಥಿ– ವಿದ್ಯಾರ್ಥಿನಿಯರು ಬೋಧಕ–ಬೋಧಕೇತರ ಸಿಬ್ಬಂದಿ ವರ್ಗದವರು ಕಾರ್ಯಕ್ರಮದಲ್ಲಿ ಭಾಗವಹಿಸಿದ್ದರು.
